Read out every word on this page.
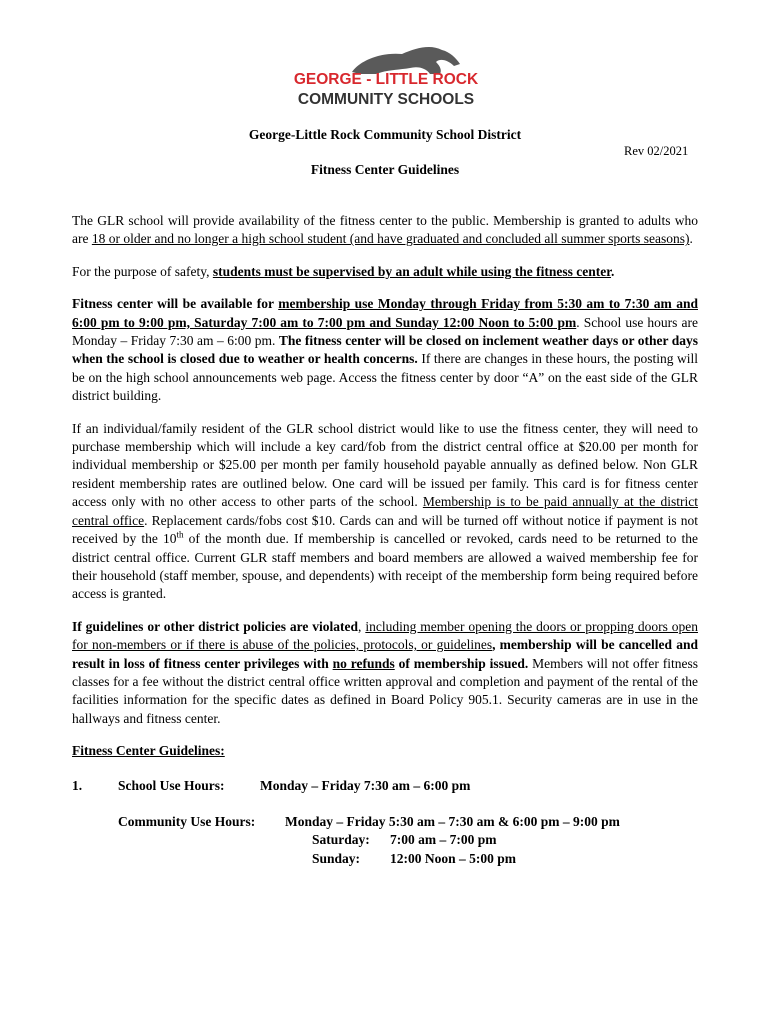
GEORGE - LITTLE ROCK
COMMUNITY SCHOOLS
George-Little Rock Community School District
Rev 02/2021
Fitness Center Guidelines

The GLR school will provide availability of the fitness center to the public. Membership is granted to adults who are 18 or older and no longer a high school student (and have graduated and concluded all summer sports seasons).

For the purpose of safety, students must be supervised by an adult while using the fitness center.

Fitness center will be available for membership use Monday through Friday from 5:30 am to 7:30 am and 6:00 pm to 9:00 pm, Saturday 7:00 am to 7:00 pm and Sunday 12:00 Noon to 5:00 pm. School use hours are Monday – Friday 7:30 am – 6:00 pm. The fitness center will be closed on inclement weather days or other days when the school is closed due to weather or health concerns. If there are changes in these hours, the posting will be on the high school announcements web page. Access the fitness center by door “A” on the east side of the GLR district building.

If an individual/family resident of the GLR school district would like to use the fitness center, they will need to purchase membership which will include a key card/fob from the district central office at $20.00 per month for individual membership or $25.00 per month per family household payable annually as defined below. Non GLR resident membership rates are outlined below. One card will be issued per family. This card is for fitness center access only with no other access to other parts of the school. Membership is to be paid annually at the district central office. Replacement cards/fobs cost $10. Cards can and will be turned off without notice if payment is not received by the 10th of the month due. If membership is cancelled or revoked, cards need to be returned to the district central office. Current GLR staff members and board members are allowed a waived membership fee for their household (staff member, spouse, and dependents) with receipt of the membership form being required before access is granted.

If guidelines or other district policies are violated, including member opening the doors or propping doors open for non-members or if there is abuse of the policies, protocols, or guidelines, membership will be cancelled and result in loss of fitness center privileges with no refunds of membership issued. Members will not offer fitness classes for a fee without the district central office written approval and completion and payment of the rental of the facilities information for the specific dates as defined in Board Policy 905.1. Security cameras are in use in the hallways and fitness center.

Fitness Center Guidelines:
1.	School Use Hours:	Monday – Friday 7:30 am – 6:00 pm
Community Use Hours: Monday – Friday 5:30 am – 7:30 am & 6:00 pm – 9:00 pm
Saturday: 7:00 am – 7:00 pm
Sunday: 12:00 Noon – 5:00 pm
